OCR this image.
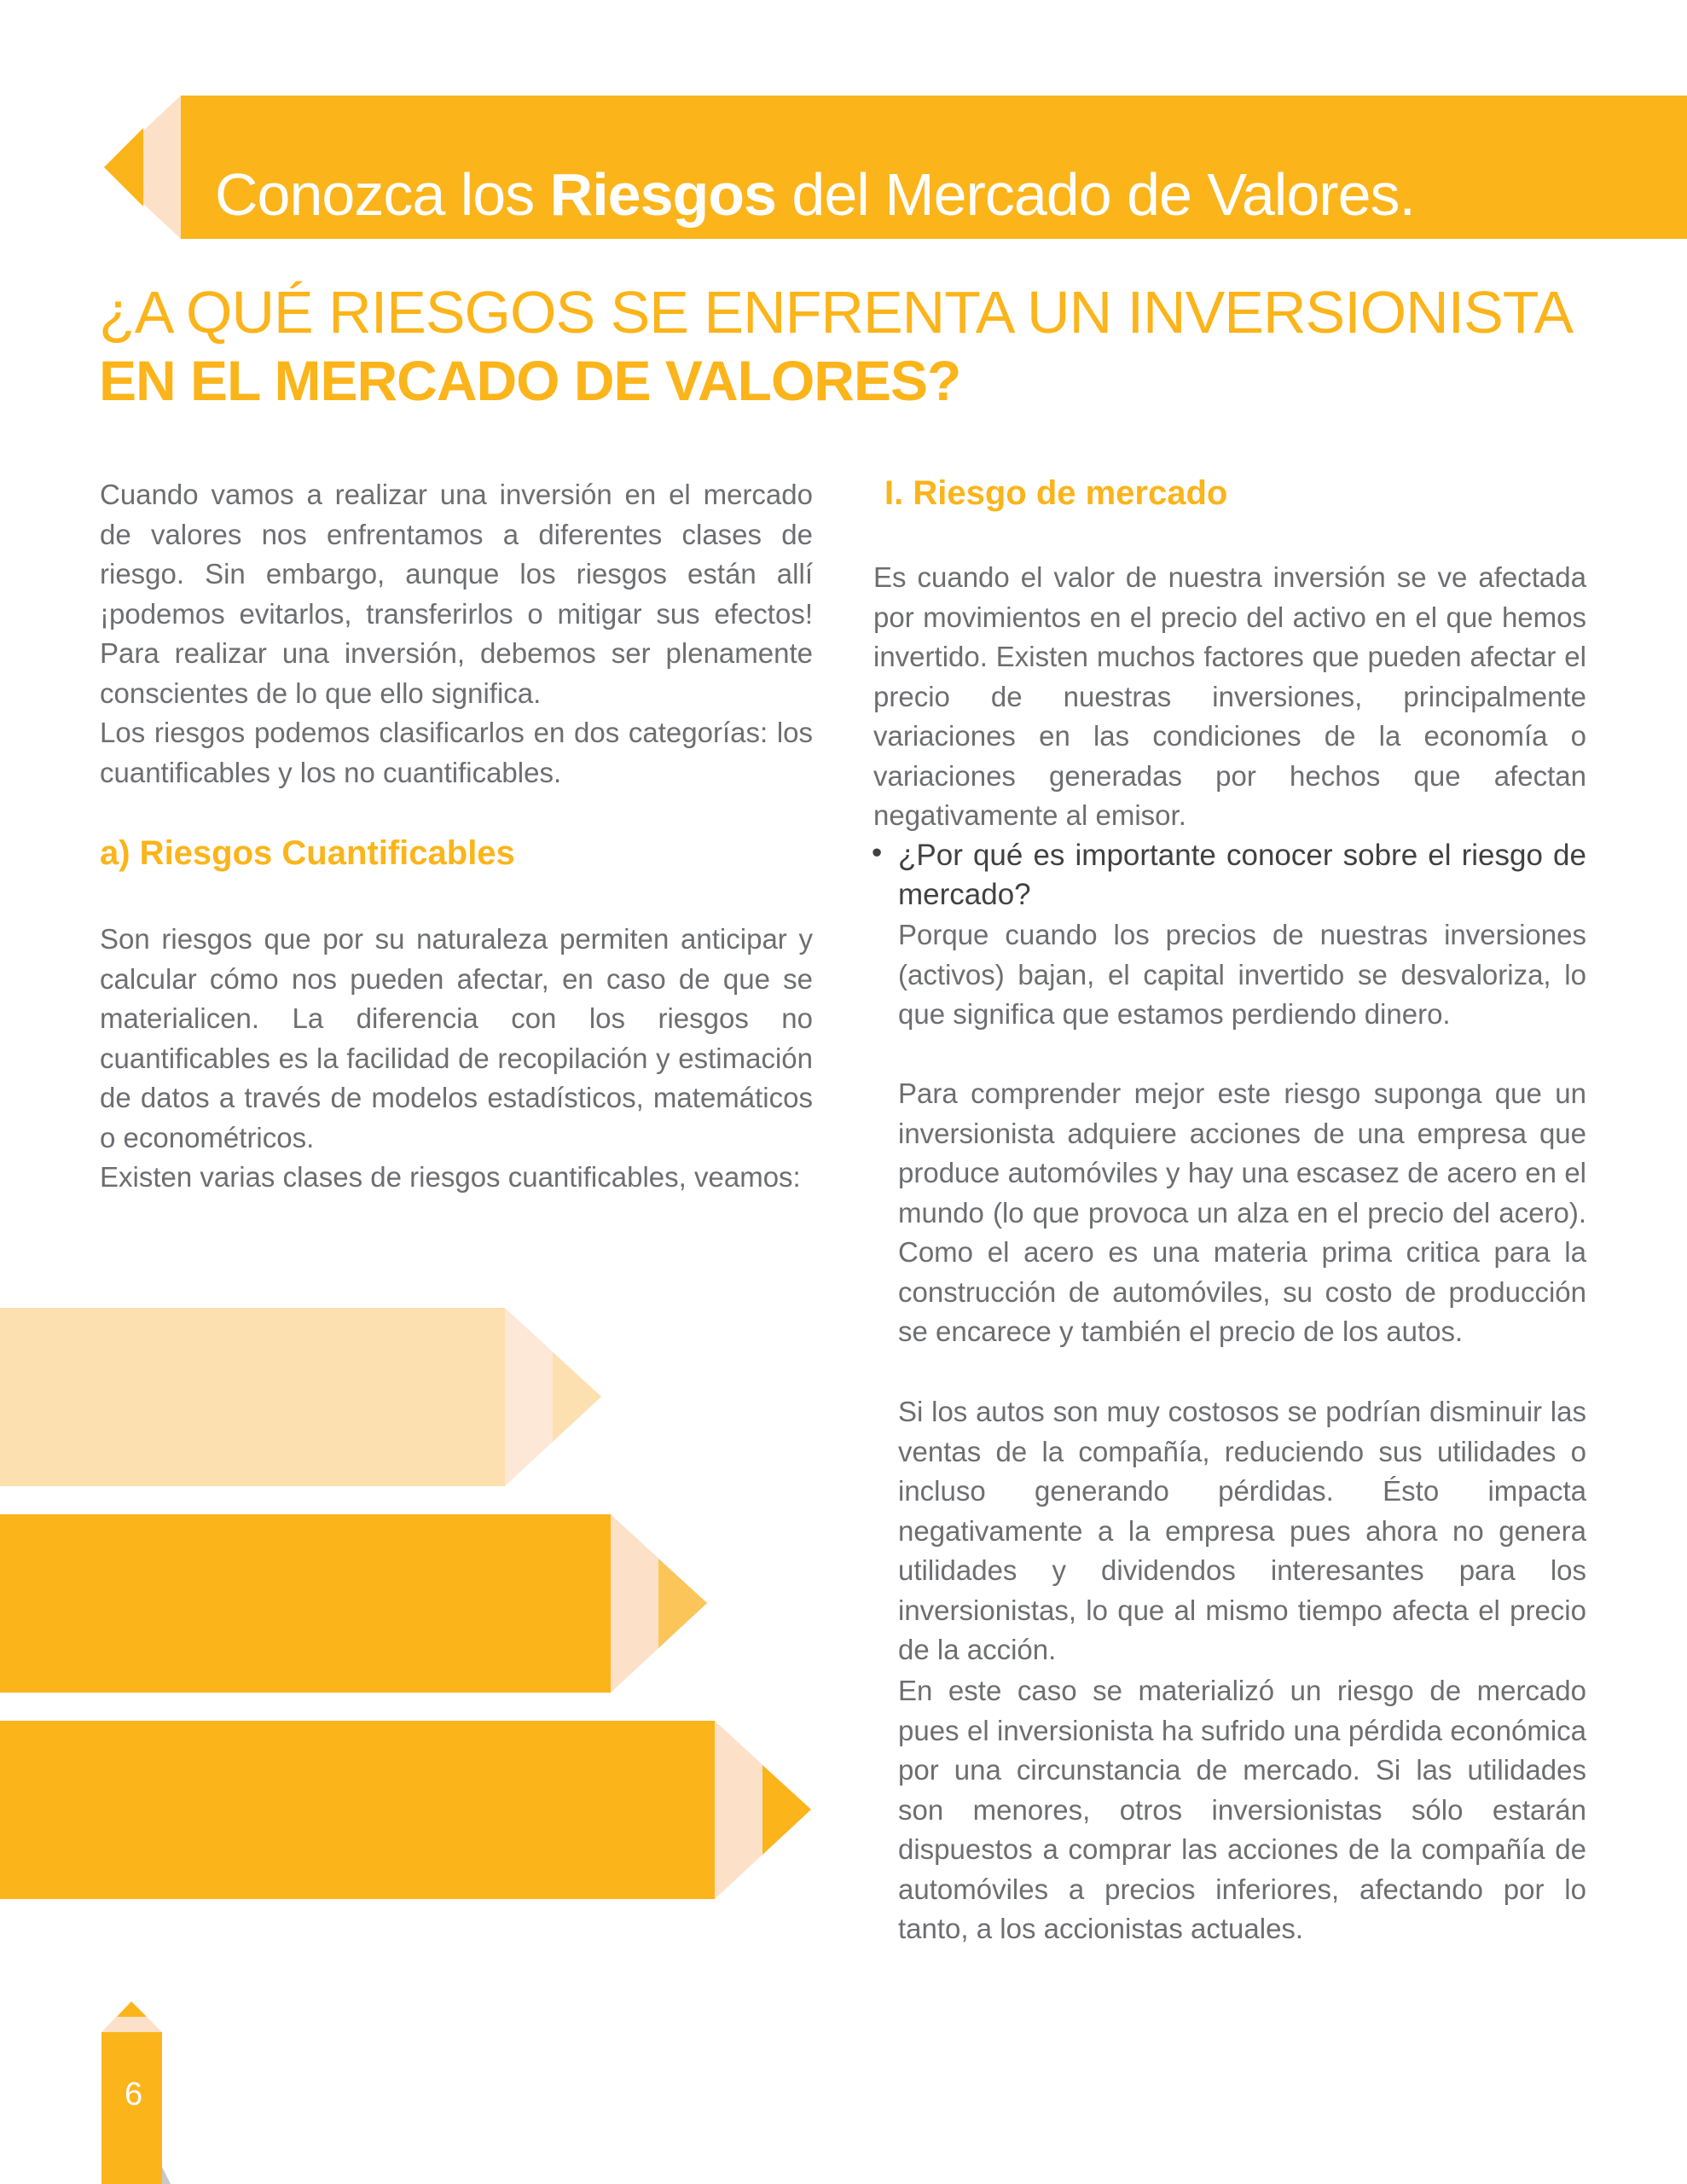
Conozca los Riesgos del Mercado de Valores.
¿A QUÉ RIESGOS SE ENFRENTA UN INVERSIONISTA
EN EL MERCADO DE VALORES?
Cuando vamos a realizar una inversión en el mercado de valores nos enfrentamos a diferentes clases de riesgo. Sin embargo, aunque los riesgos están allí ¡podemos evitarlos, transferirlos o mitigar sus efectos! Para realizar una inversión, debemos ser plenamente conscientes de lo que ello significa.
Los riesgos podemos clasificarlos en dos categorías: los cuantificables y los no cuantificables.
a) Riesgos Cuantificables
Son riesgos que por su naturaleza permiten anticipar y calcular cómo nos pueden afectar, en caso de que se materialicen. La diferencia con los riesgos no cuantificables es la facilidad de recopilación y estimación de datos a través de modelos estadísticos, matemáticos o econométricos.
Existen varias clases de riesgos cuantificables, veamos:
I. Riesgo de mercado
Es cuando el valor de nuestra inversión se ve afectada por movimientos en el precio del activo en el que hemos invertido. Existen muchos factores que pueden afectar el precio de nuestras inversiones, principalmente variaciones en las condiciones de la economía o variaciones generadas por hechos que afectan negativamente al emisor.
• ¿Por qué es importante conocer sobre el riesgo de mercado?
Porque cuando los precios de nuestras inversiones (activos) bajan, el capital invertido se desvaloriza, lo que significa que estamos perdiendo dinero.
Para comprender mejor este riesgo suponga que un inversionista adquiere acciones de una empresa que produce automóviles y hay una escasez de acero en el mundo (lo que provoca un alza en el precio del acero). Como el acero es una materia prima critica para la construcción de automóviles, su costo de producción se encarece y también el precio de los autos.
Si los autos son muy costosos se podrían disminuir las ventas de la compañía, reduciendo sus utilidades o incluso generando pérdidas. Ésto impacta negativamente a la empresa pues ahora no genera utilidades y dividendos interesantes para los inversionistas, lo que al mismo tiempo afecta el precio de la acción.
En este caso se materializó un riesgo de mercado pues el inversionista ha sufrido una pérdida económica por una circunstancia de mercado. Si las utilidades son menores, otros inversionistas sólo estarán dispuestos a comprar las acciones de la compañía de automóviles a precios inferiores, afectando por lo tanto, a los accionistas actuales.
6
